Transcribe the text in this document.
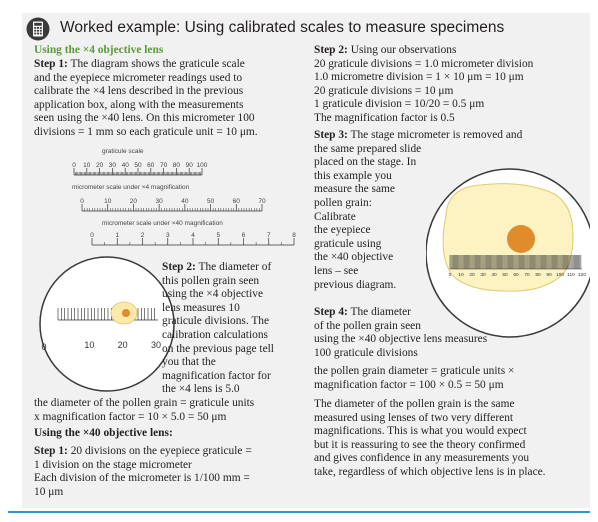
Worked example: Using calibrated scales to measure specimens
Using the ×4 objective lens
Step 1: The diagram shows the graticule scale
and the eyepiece micrometer readings used to
calibrate the ×4 lens described in the previous
application box, along with the measurements
seen using the ×40 lens. On this micrometer 100
divisions = 1 mm so each graticule unit = 10 μm.
graticule scale
0 10 20 30 40 50 60 70 80 90 100
micrometer scale under ×4 magnification
0	10	20	30	40	50	60	70
micrometer scale under ×40 magnification
0	1	2	3	4	5	6	7	8
0	10	20	30
Step 2: The diameter of
this pollen grain seen
using the ×4 objective
lens measures 10
graticule divisions. The
calibration calculations
on the previous page tell
you that the
magnification factor for
the ×4 lens is 5.0
the diameter of the pollen grain = graticule units
x magnification factor = 10 × 5.0 = 50 μm
Using the ×40 objective lens:
Step 1: 20 divisions on the eyepiece graticule =
1 division on the stage micrometer
Each division of the micrometer is 1/100 mm =
10 μm
Step 2: Using our observations
20 graticule divisions = 1.0 micrometer division
1.0 micrometre division = 1 × 10 μm = 10 μm
20 graticule divisions = 10 μm
1 graticule division = 10/20 = 0.5 μm
The magnification factor is 0.5
Step 3: The stage micrometer is removed and
the same prepared slide
placed on the stage. In
this example you
measure the same
pollen grain:
Calibrate
the eyepiece
graticule using
the ×40 objective
lens – see
previous diagram.
0 10 20 30 40 50 60 70 80 90 100 110 120
Step 4: The diameter
of the pollen grain seen
using the ×40 objective lens measures
100 graticule divisions
the pollen grain diameter = graticule units ×
magnification factor = 100 × 0.5 = 50 μm
The diameter of the pollen grain is the same
measured using lenses of two very different
magnifications. This is what you would expect
but it is reassuring to see the theory confirmed
and gives confidence in any measurements you
take, regardless of which objective lens is in place.
